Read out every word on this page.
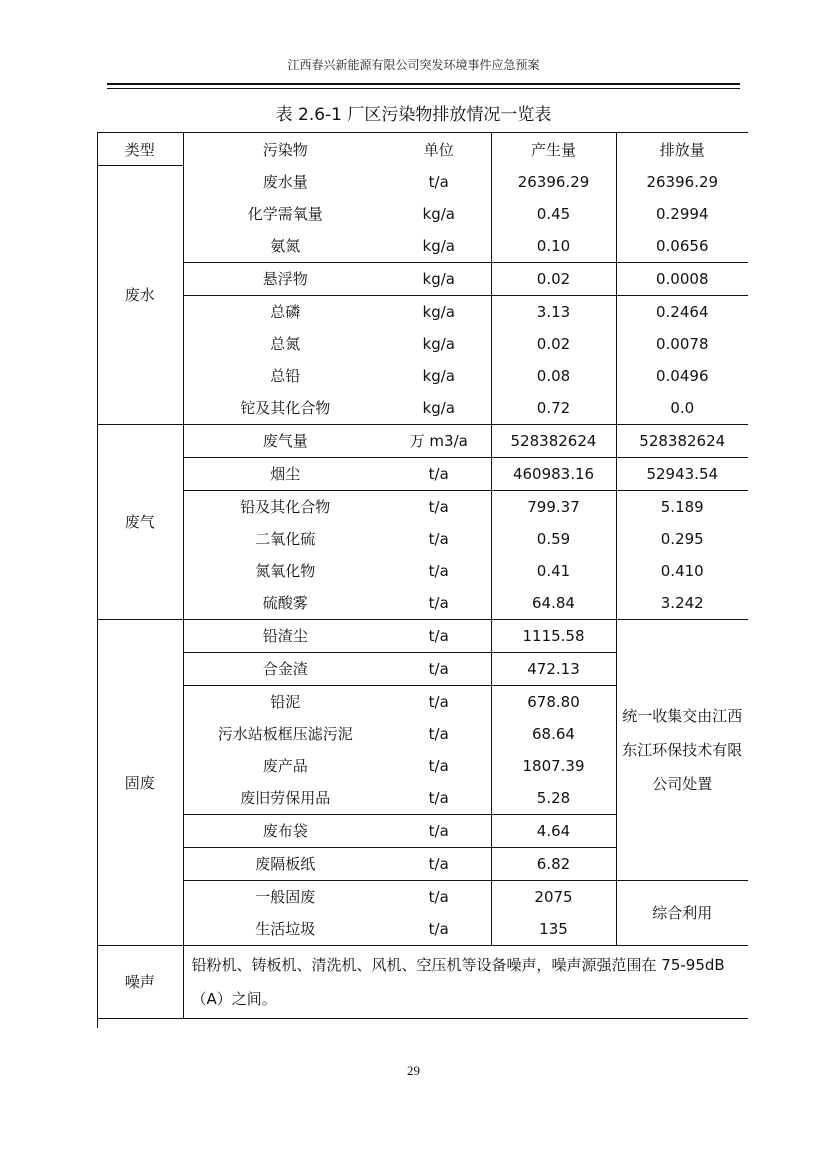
江西春兴新能源有限公司突发环境事件应急预案
表 2.6-1 厂区污染物排放情况一览表
类型	污染物	单位	产生量	排放量
废水	废水量	t/a	26396.29	26396.29
	化学需氧量	kg/a	0.45	0.2994
	氨氮	kg/a	0.10	0.0656
	悬浮物	kg/a	0.02	0.0008
	总磷	kg/a	3.13	0.2464
	总氮	kg/a	0.02	0.0078
	总铅	kg/a	0.08	0.0496
	铊及其化合物	kg/a	0.72	0.0
废气	废气量	万 m3/a	528382624	528382624
	烟尘	t/a	460983.16	52943.54
	铅及其化合物	t/a	799.37	5.189
	二氧化硫	t/a	0.59	0.295
	氮氧化物	t/a	0.41	0.410
	硫酸雾	t/a	64.84	3.242
固废	铅渣尘	t/a	1115.58	统一收集交由江西
东江环保技术有限
公司处置

	合金渣	t/a	472.13	
	铅泥	t/a	678.80	
	污水站板框压滤污泥	t/a	68.64	
	废产品	t/a	1807.39	
	废旧劳保用品	t/a	5.28	
	废布袋	t/a	4.64	
	废隔板纸	t/a	6.82	
	一般固废	t/a	2075	综合利用
	生活垃圾	t/a	135	
噪声	铅粉机、铸板机、清洗机、风机、空压机等设备噪声，噪声源强范围在 75-95dB（A）之间。			
29
